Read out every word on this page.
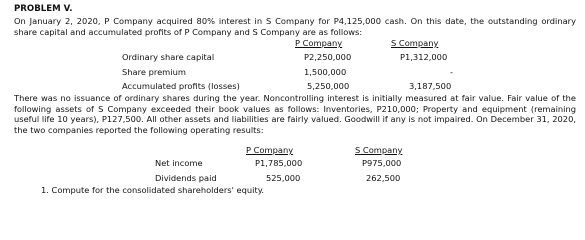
PROBLEM V.
On January 2, 2020, P Company acquired 80% interest in S Company for P4,125,000 cash. On this date, the outstanding ordinary share capital and accumulated profits of P Company and S Company are as follows:
P Company	S Company
Ordinary share capital	P2,250,000	P1,312,000
Share premium	1,500,000	-
Accumulated profits (losses)	5,250,000	3,187,500
There was no issuance of ordinary shares during the year. Noncontrolling interest is initially measured at fair value. Fair value of the following assets of S Company exceeded their book values as follows: Inventories, P210,000; Property and equipment (remaining useful life 10 years), P127,500. All other assets and liabilities are fairly valued. Goodwill if any is not impaired. On December 31, 2020, the two companies reported the following operating results:
P Company	S Company
Net income	P1,785,000	P975,000
Dividends paid	525,000	262,500
1. Compute for the consolidated shareholders' equity.
